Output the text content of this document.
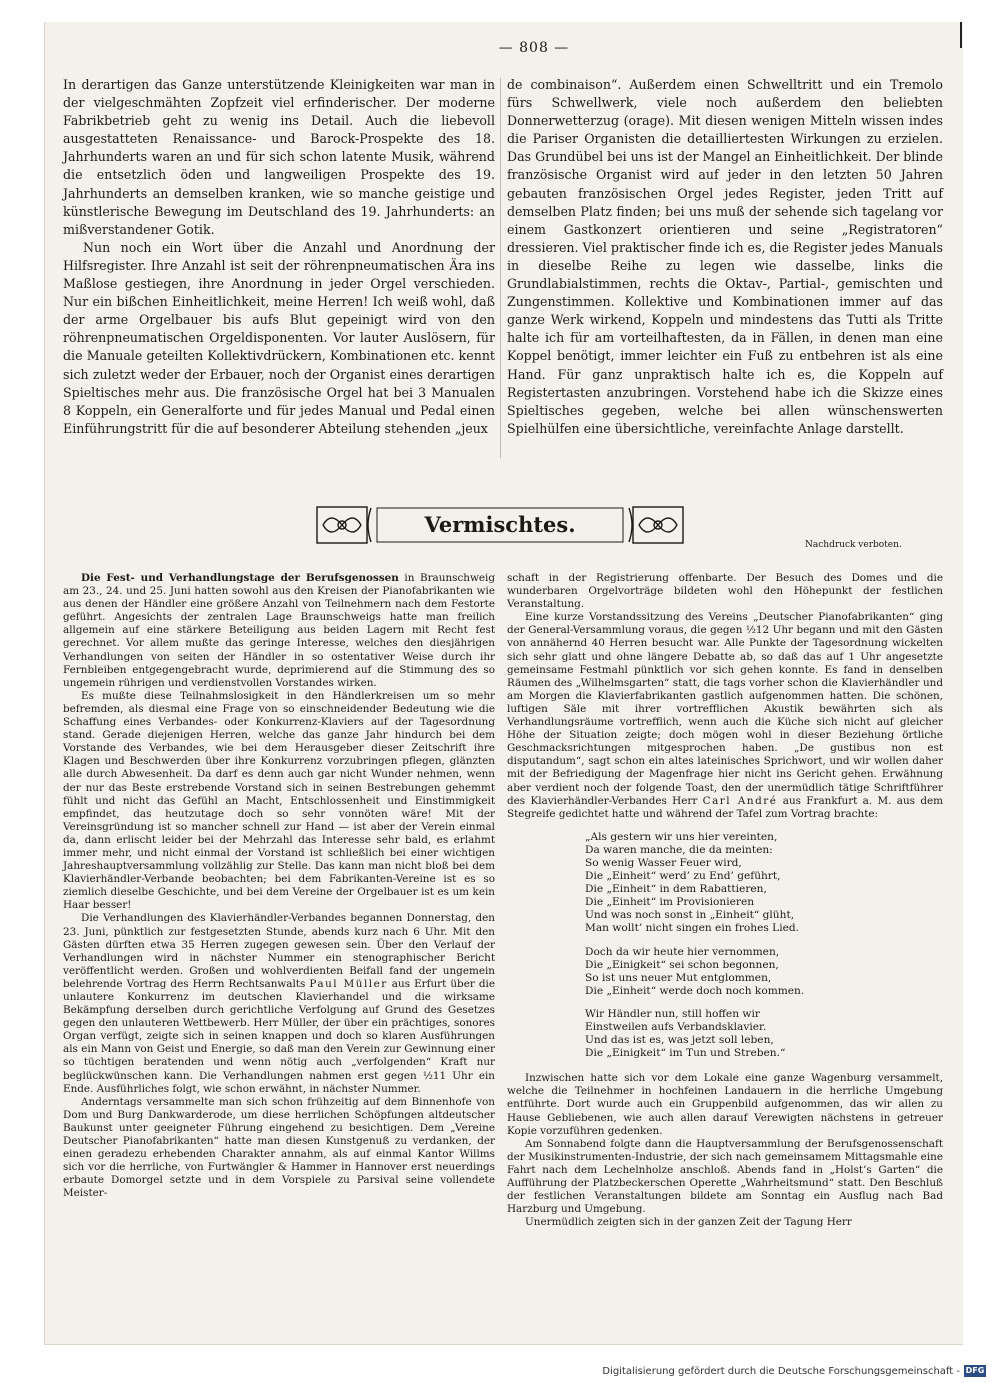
— 808 —

In derartigen das Ganze unterstützende Kleinigkeiten war man in der vielgeschmähten Zopfzeit viel erfinderischer. Der moderne Fabrikbetrieb geht zu wenig ins Detail. Auch die liebevoll ausgestatteten Renaissance- und Barock-Prospekte des 18. Jahrhunderts waren an und für sich schon latente Musik, während die entsetzlich öden und langweiligen Prospekte des 19. Jahrhunderts an demselben kranken, wie so manche geistige und künstlerische Bewegung im Deutschland des 19. Jahrhunderts: an mißverstandener Gotik.

Nun noch ein Wort über die Anzahl und Anordnung der Hilfsregister. Ihre Anzahl ist seit der röhrenpneumatischen Ära ins Maßlose gestiegen, ihre Anordnung in jeder Orgel verschieden. Nur ein bißchen Einheitlichkeit, meine Herren! Ich weiß wohl, daß der arme Orgelbauer bis aufs Blut gepeinigt wird von den röhrenpneumatischen Orgeldisponenten. Vor lauter Auslösern, für die Manuale geteilten Kollektivdrückern, Kombinationen etc. kennt sich zuletzt weder der Erbauer, noch der Organist eines derartigen Spieltisches mehr aus. Die französische Orgel hat bei 3 Manualen 8 Koppeln, ein Generalforte und für jedes Manual und Pedal einen Einführungstritt für die auf besonderer Abteilung stehenden „jeux

de combinaison“. Außerdem einen Schwelltritt und ein Tremolo fürs Schwellwerk, viele noch außerdem den beliebten Donnerwetterzug (orage). Mit diesen wenigen Mitteln wissen indes die Pariser Organisten die detailliertesten Wirkungen zu erzielen. Das Grundübel bei uns ist der Mangel an Einheitlichkeit. Der blinde französische Organist wird auf jeder in den letzten 50 Jahren gebauten französischen Orgel jedes Register, jeden Tritt auf demselben Platz finden; bei uns muß der sehende sich tagelang vor einem Gastkonzert orientieren und seine „Registratoren“ dressieren. Viel praktischer finde ich es, die Register jedes Manuals in dieselbe Reihe zu legen wie dasselbe, links die Grundlabialstimmen, rechts die Oktav-, Partial-, gemischten und Zungenstimmen. Kollektive und Kombinationen immer auf das ganze Werk wirkend, Koppeln und mindestens das Tutti als Tritte halte ich für am vorteilhaftesten, da in Fällen, in denen man eine Koppel benötigt, immer leichter ein Fuß zu entbehren ist als eine Hand. Für ganz unpraktisch halte ich es, die Koppeln auf Registertasten anzubringen. Vorstehend habe ich die Skizze eines Spieltisches gegeben, welche bei allen wünschenswerten Spielhülfen eine übersichtliche, vereinfachte Anlage darstellt.

Vermischtes.
Nachdruck verboten.

Die Fest- und Verhandlungstage der Berufsgenossen in Braunschweig am 23., 24. und 25. Juni hatten sowohl aus den Kreisen der Pianofabrikanten wie aus denen der Händler eine größere Anzahl von Teilnehmern nach dem Festorte geführt. Angesichts der zentralen Lage Braunschweigs hatte man freilich allgemein auf eine stärkere Beteiligung aus beiden Lagern mit Recht fest gerechnet. Vor allem mußte das geringe Interesse, welches den diesjährigen Verhandlungen von seiten der Händler in so ostentativer Weise durch ihr Fernbleiben entgegengebracht wurde, deprimierend auf die Stimmung des so ungemein rührigen und verdienstvollen Vorstandes wirken.

Es mußte diese Teilnahmslosigkeit in den Händlerkreisen um so mehr befremden, als diesmal eine Frage von so einschneidender Bedeutung wie die Schaffung eines Verbandes- oder Konkurrenz-Klaviers auf der Tagesordnung stand. Gerade diejenigen Herren, welche das ganze Jahr hindurch bei dem Vorstande des Verbandes, wie bei dem Herausgeber dieser Zeitschrift ihre Klagen und Beschwerden über ihre Konkurrenz vorzubringen pflegen, glänzten alle durch Abwesenheit. Da darf es denn auch gar nicht Wunder nehmen, wenn der nur das Beste erstrebende Vorstand sich in seinen Bestrebungen gehemmt fühlt und nicht das Gefühl an Macht, Entschlossenheit und Einstimmigkeit empfindet, das heutzutage doch so sehr vonnöten wäre! Mit der Vereinsgründung ist so mancher schnell zur Hand — ist aber der Verein einmal da, dann erlischt leider bei der Mehrzahl das Interesse sehr bald, es erlahmt immer mehr, und nicht einmal der Vorstand ist schließlich bei einer wichtigen Jahreshauptversammlung vollzählig zur Stelle. Das kann man nicht bloß bei dem Klavierhändler-Verbande beobachten; bei dem Fabrikanten-Vereine ist es so ziemlich dieselbe Geschichte, und bei dem Vereine der Orgelbauer ist es um kein Haar besser!

Die Verhandlungen des Klavierhändler-Verbandes begannen Donnerstag, den 23. Juni, pünktlich zur festgesetzten Stunde, abends kurz nach 6 Uhr. Mit den Gästen dürften etwa 35 Herren zugegen gewesen sein. Über den Verlauf der Verhandlungen wird in nächster Nummer ein stenographischer Bericht veröffentlicht werden. Großen und wohlverdienten Beifall fand der ungemein belehrende Vortrag des Herrn Rechtsanwalts Paul Müller aus Erfurt über die unlautere Konkurrenz im deutschen Klavierhandel und die wirksame Bekämpfung derselben durch gerichtliche Verfolgung auf Grund des Gesetzes gegen den unlauteren Wettbewerb. Herr Müller, der über ein prächtiges, sonores Organ verfügt, zeigte sich in seinen knappen und doch so klaren Ausführungen als ein Mann von Geist und Energie, so daß man den Verein zur Gewinnung einer so tüchtigen beratenden und wenn nötig auch „verfolgenden“ Kraft nur beglückwünschen kann. Die Verhandlungen nahmen erst gegen ½11 Uhr ein Ende. Ausführliches folgt, wie schon erwähnt, in nächster Nummer.

Anderntags versammelte man sich schon frühzeitig auf dem Binnenhofe von Dom und Burg Dankwarderode, um diese herrlichen Schöpfungen altdeutscher Baukunst unter geeigneter Führung eingehend zu besichtigen. Dem „Vereine Deutscher Pianofabrikanten“ hatte man diesen Kunstgenuß zu verdanken, der einen geradezu erhebenden Charakter annahm, als auf einmal Kantor Willms sich vor die herrliche, von Furtwängler & Hammer in Hannover erst neuerdings erbaute Domorgel setzte und in dem Vorspiele zu Parsival seine vollendete Meister-

schaft in der Registrierung offenbarte. Der Besuch des Domes und die wunderbaren Orgelvorträge bildeten wohl den Höhepunkt der festlichen Veranstaltung.

Eine kurze Vorstandssitzung des Vereins „Deutscher Pianofabrikanten“ ging der General-Versammlung voraus, die gegen ½12 Uhr begann und mit den Gästen von annähernd 40 Herren besucht war. Alle Punkte der Tagesordnung wickelten sich sehr glatt und ohne längere Debatte ab, so daß das auf 1 Uhr angesetzte gemeinsame Festmahl pünktlich vor sich gehen konnte. Es fand in denselben Räumen des „Wilhelmsgarten“ statt, die tags vorher schon die Klavierhändler und am Morgen die Klavierfabrikanten gastlich aufgenommen hatten. Die schönen, luftigen Säle mit ihrer vortrefflichen Akustik bewährten sich als Verhandlungsräume vortrefflich, wenn auch die Küche sich nicht auf gleicher Höhe der Situation zeigte; doch mögen wohl in dieser Beziehung örtliche Geschmacksrichtungen mitgesprochen haben. „De gustibus non est disputandum“, sagt schon ein altes lateinisches Sprichwort, und wir wollen daher mit der Befriedigung der Magenfrage hier nicht ins Gericht gehen. Erwähnung aber verdient noch der folgende Toast, den der unermüdlich tätige Schriftführer des Klavierhändler-Verbandes Herr Carl André aus Frankfurt a. M. aus dem Stegreife gedichtet hatte und während der Tafel zum Vortrag brachte:

„Als gestern wir uns hier vereinten,
Da waren manche, die da meinten:
So wenig Wasser Feuer wird,
Die „Einheit“ werd’ zu End’ geführt,
Die „Einheit“ in dem Rabattieren,
Die „Einheit“ im Provisionieren
Und was noch sonst in „Einheit“ glüht,
Man wollt’ nicht singen ein frohes Lied.
Doch da wir heute hier vernommen,
Die „Einigkeit“ sei schon begonnen,
So ist uns neuer Mut entglommen,
Die „Einheit“ werde doch noch kommen.
Wir Händler nun, still hoffen wir
Einstweilen aufs Verbandsklavier.
Und das ist es, was jetzt soll leben,
Die „Einigkeit“ im Tun und Streben.“

Inzwischen hatte sich vor dem Lokale eine ganze Wagenburg versammelt, welche die Teilnehmer in hochfeinen Landauern in die herrliche Umgebung entführte. Dort wurde auch ein Gruppenbild aufgenommen, das wir allen zu Hause Gebliebenen, wie auch allen darauf Verewigten nächstens in getreuer Kopie vorzuführen gedenken.

Am Sonnabend folgte dann die Hauptversammlung der Berufsgenossenschaft der Musikinstrumenten-Industrie, der sich nach gemeinsamem Mittagsmahle eine Fahrt nach dem Lechelnholze anschloß. Abends fand in „Holst’s Garten“ die Aufführung der Platzbeckerschen Operette „Wahrheitsmund“ statt. Den Beschluß der festlichen Veranstaltungen bildete am Sonntag ein Ausflug nach Bad Harzburg und Umgebung.

Unermüdlich zeigten sich in der ganzen Zeit der Tagung Herr

Digitalisierung gefördert durch die Deutsche Forschungsgemeinschaft - DFG
